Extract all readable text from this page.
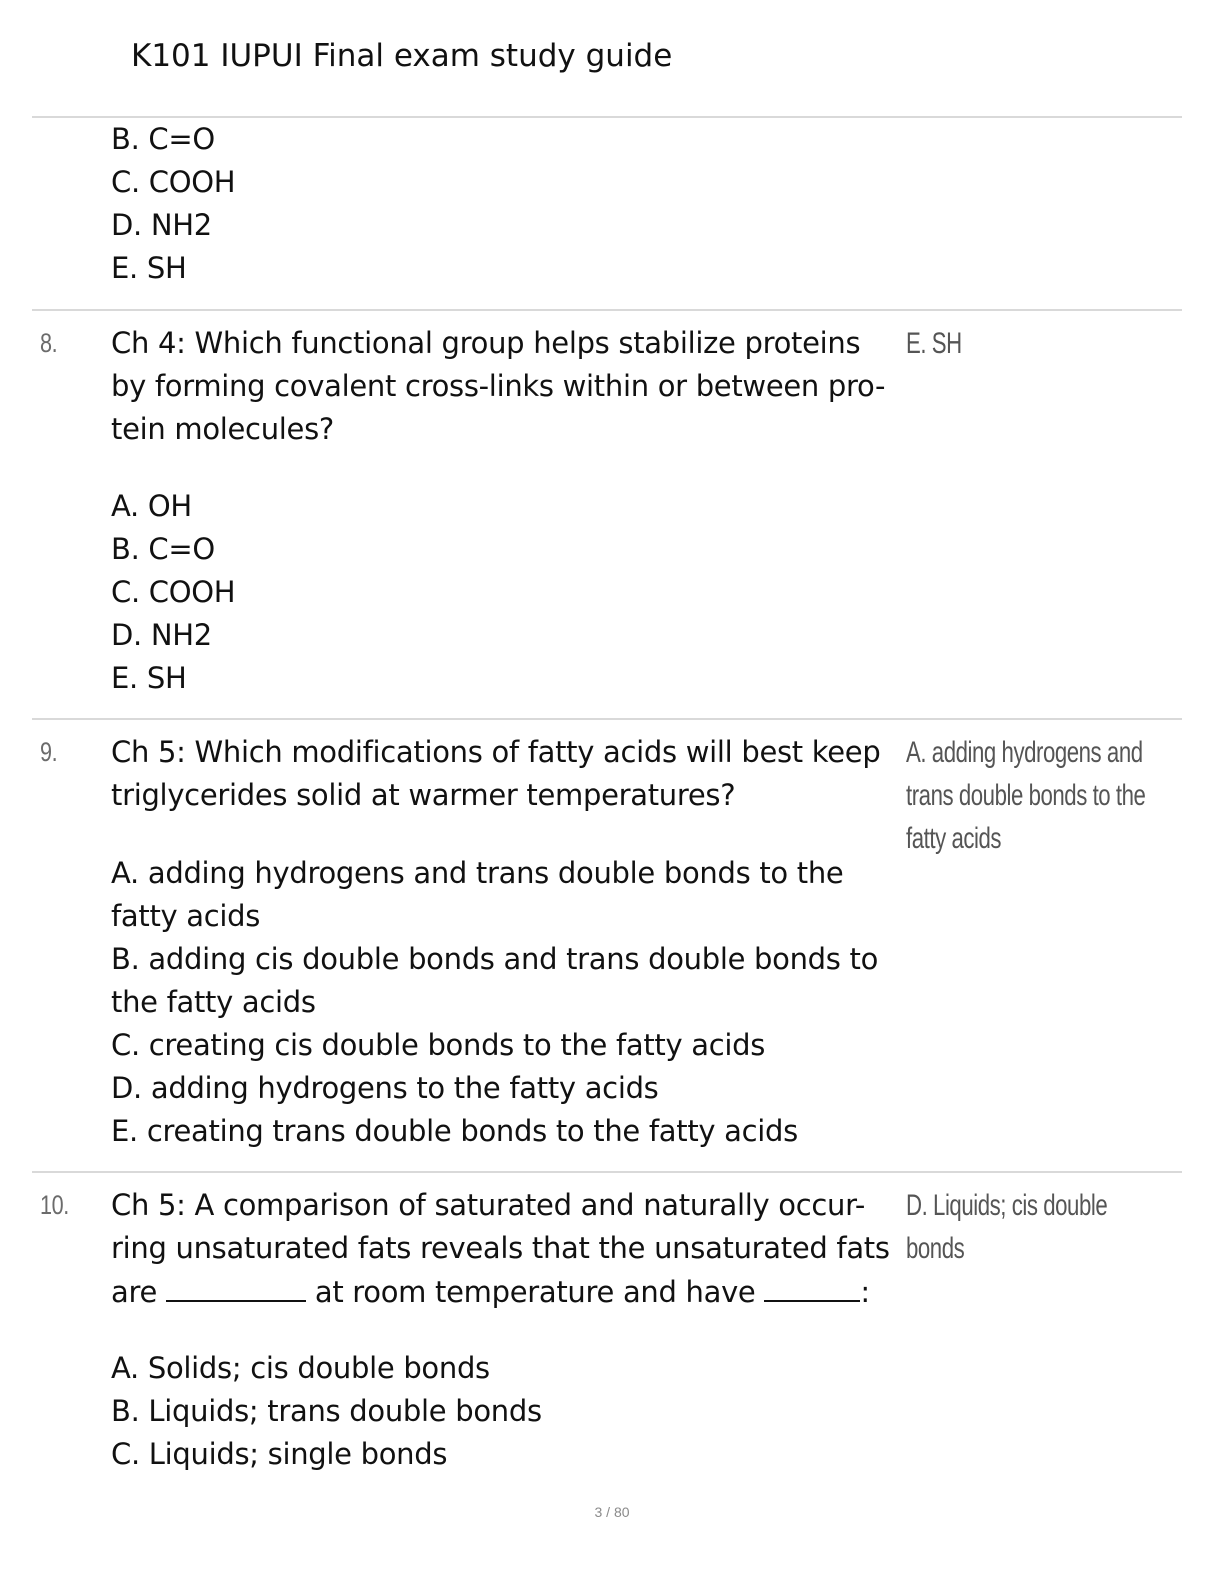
K101 IUPUI Final exam study guide
B. C=O
C. COOH
D. NH2
E. SH
8. Ch 4: Which functional group helps stabilize proteins
by forming covalent cross-links within or between pro-
tein molecules?
E. SH
A. OH
B. C=O
C. COOH
D. NH2
E. SH
9. Ch 5: Which modifications of fatty acids will best keep
triglycerides solid at warmer temperatures?
A. adding hydrogens and
trans double bonds to the
fatty acids
A. adding hydrogens and trans double bonds to the
fatty acids
B. adding cis double bonds and trans double bonds to
the fatty acids
C. creating cis double bonds to the fatty acids
D. adding hydrogens to the fatty acids
E. creating trans double bonds to the fatty acids
10. Ch 5: A comparison of saturated and naturally occur-
ring unsaturated fats reveals that the unsaturated fats
are	at room temperature and have	:
D. Liquids; cis double
bonds
A. Solids; cis double bonds
B. Liquids; trans double bonds
C. Liquids; single bonds
3 / 80
